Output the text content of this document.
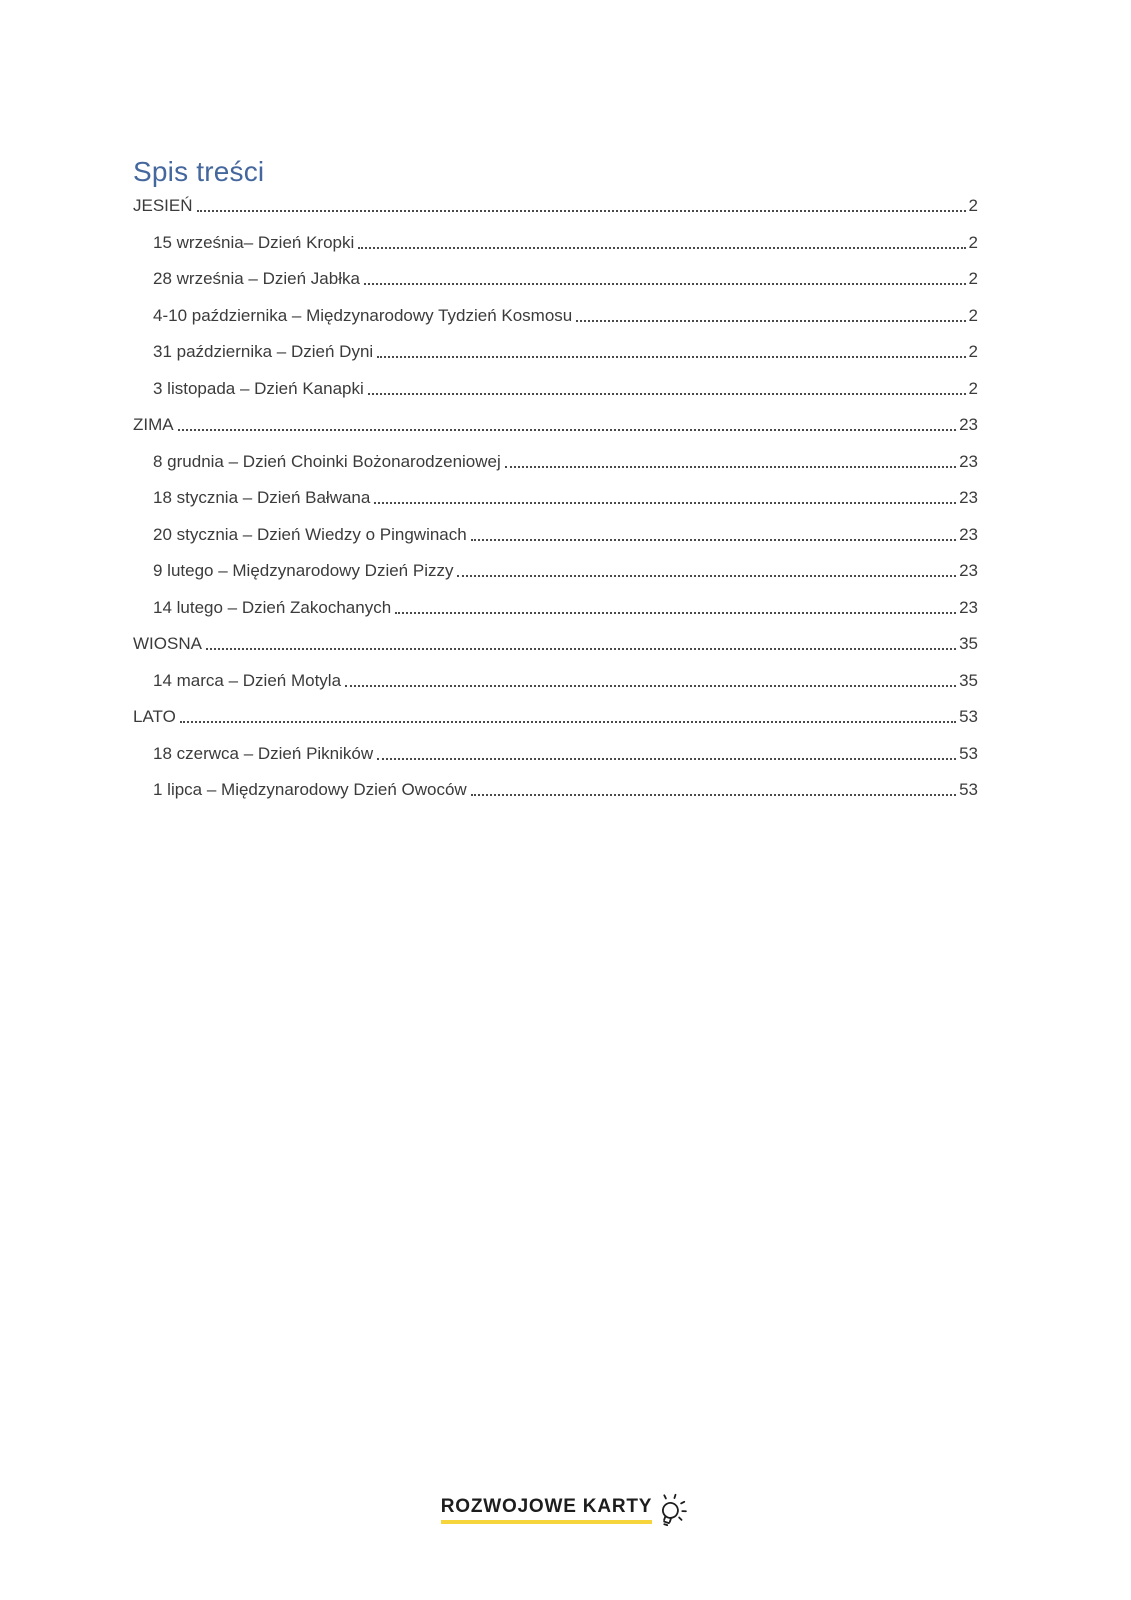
Spis treści
JESIEŃ	2
15 września– Dzień Kropki	2
28 września – Dzień Jabłka	2
4-10 października – Międzynarodowy Tydzień Kosmosu	2
31 października – Dzień Dyni	2
3 listopada – Dzień Kanapki	2
ZIMA	23
8 grudnia – Dzień Choinki Bożonarodzeniowej	23
18 stycznia – Dzień Bałwana	23
20 stycznia – Dzień Wiedzy o Pingwinach	23
9 lutego – Międzynarodowy Dzień Pizzy	23
14 lutego – Dzień Zakochanych	23
WIOSNA	35
14 marca – Dzień Motyla	35
LATO	53
18 czerwca – Dzień Pikników	53
1 lipca – Międzynarodowy Dzień Owoców	53
ROZWOJOWE KARTY
